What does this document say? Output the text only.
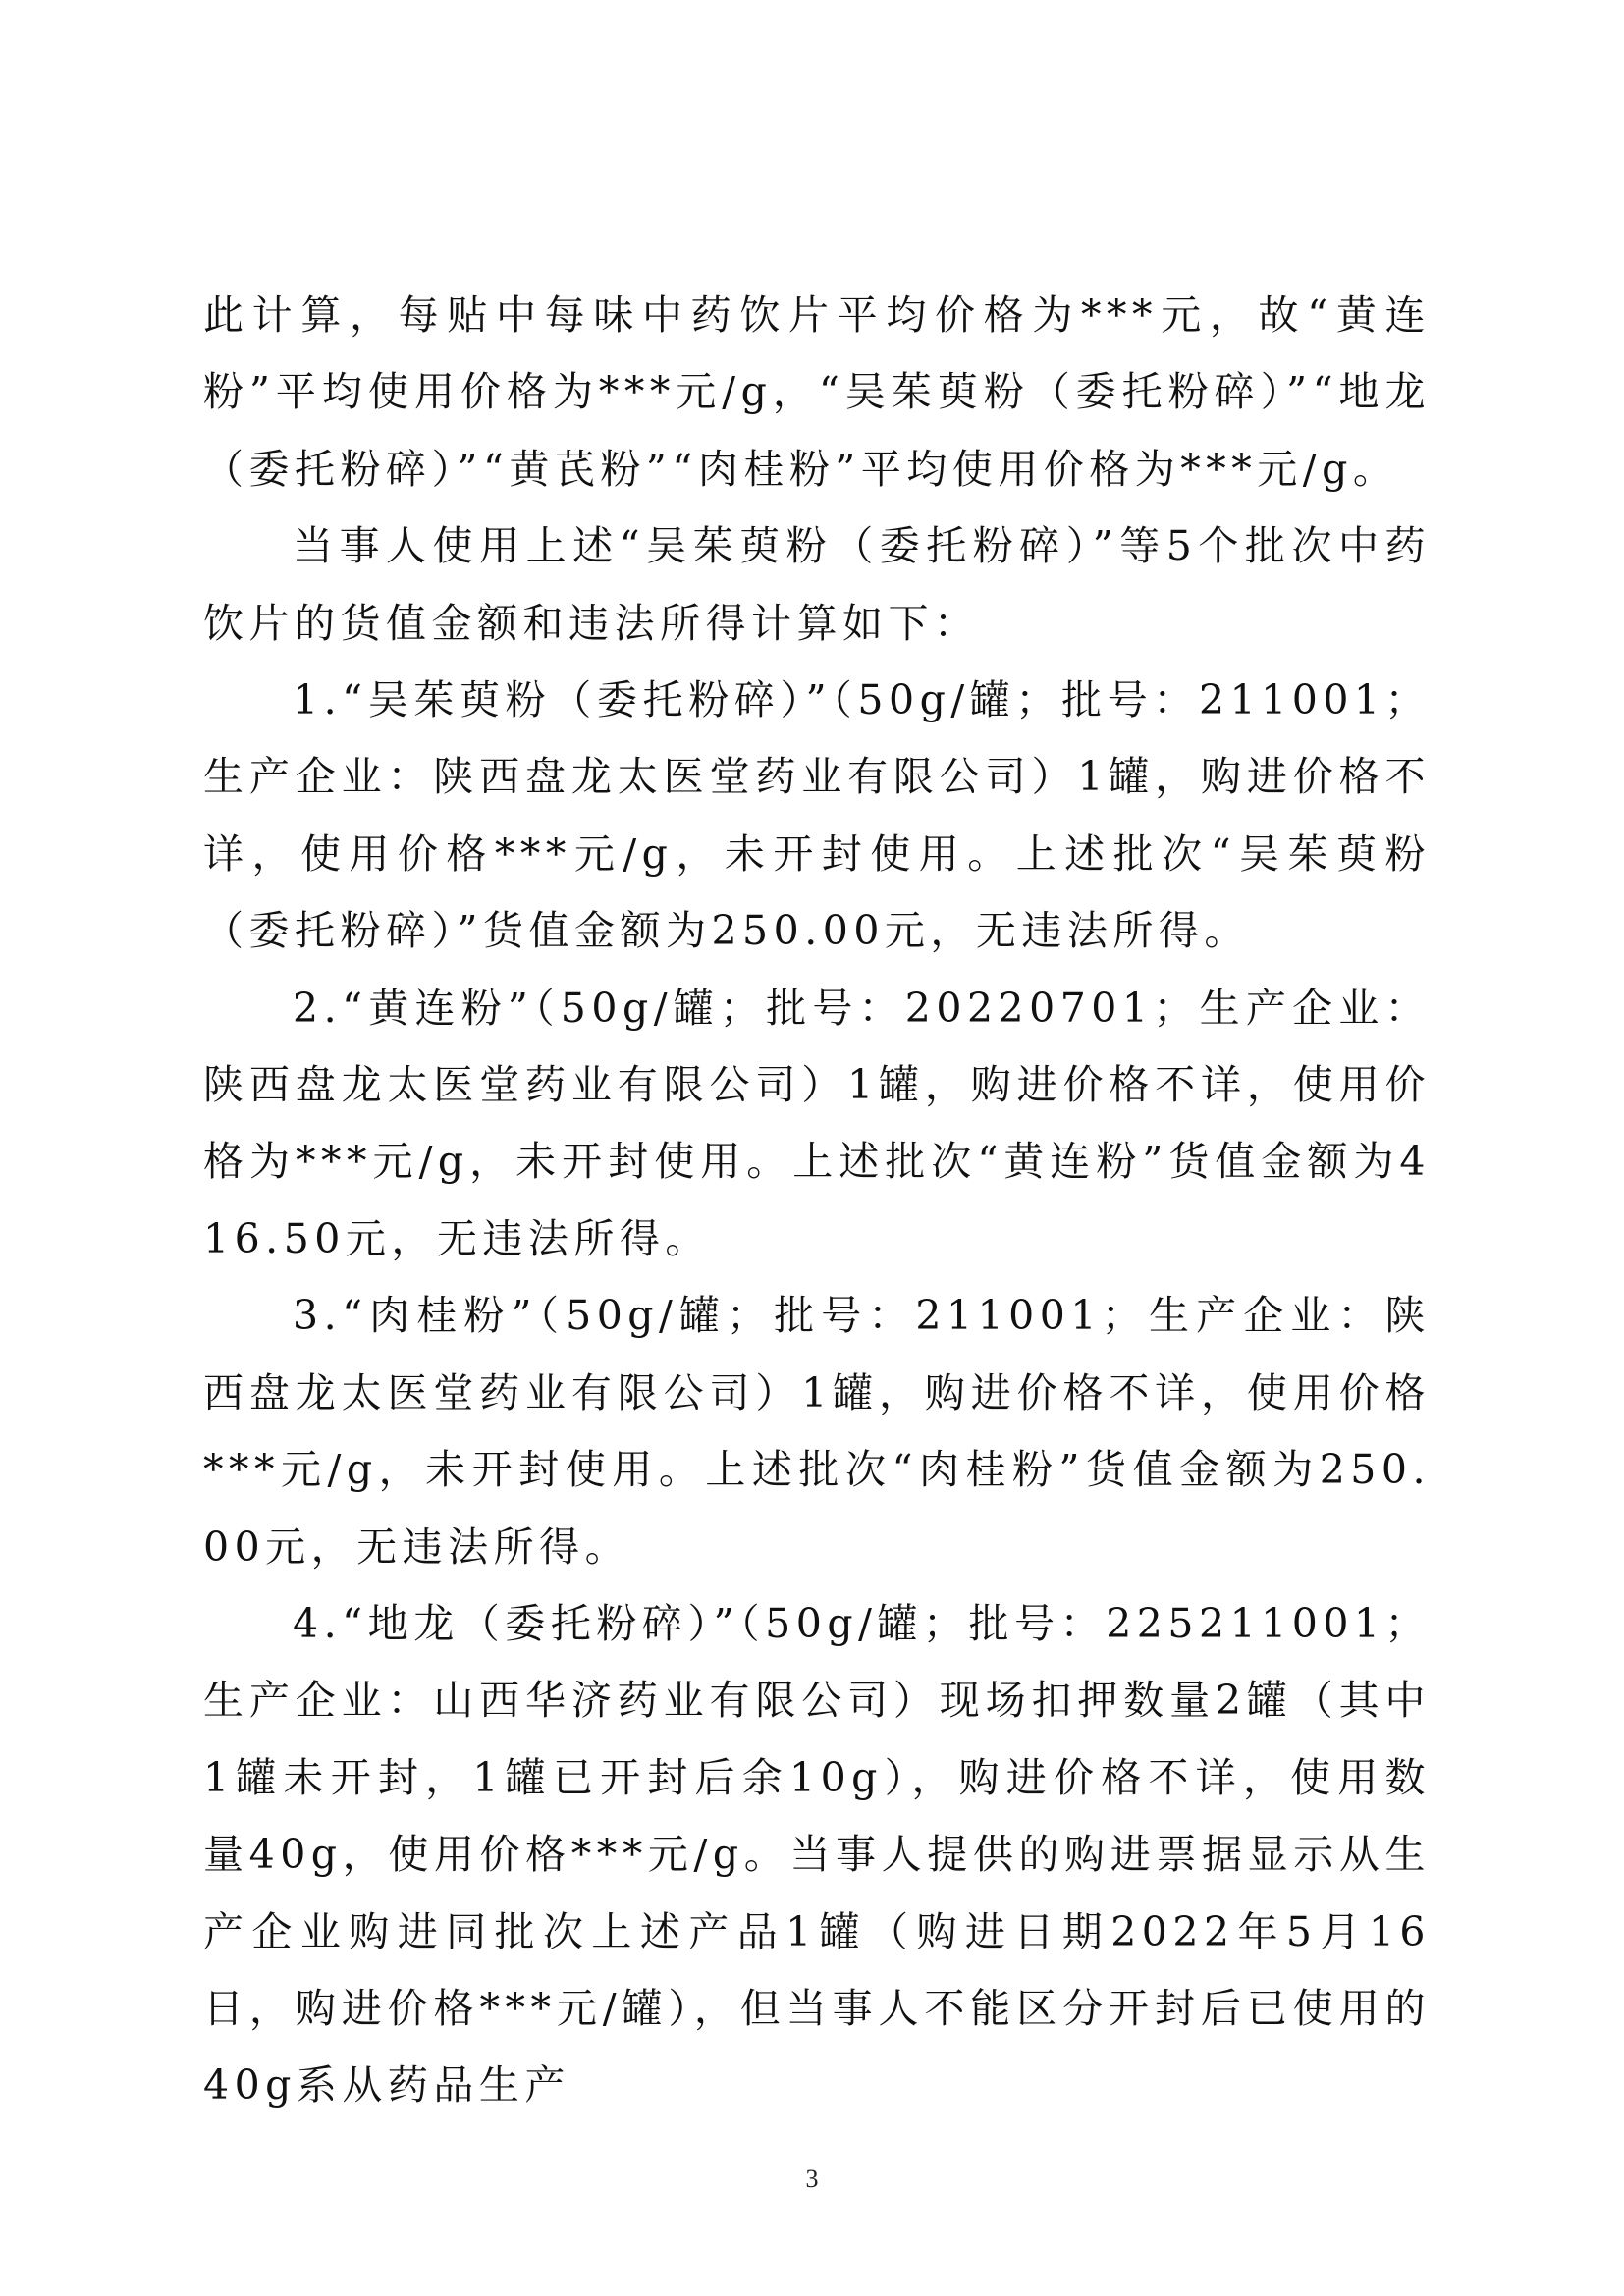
此计算，每贴中每味中药饮片平均价格为***元，故“黄连粉”平均使用价格为***元/g，“吴茱萸粉（委托粉碎）”“地龙（委托粉碎）”“黄芪粉”“肉桂粉”平均使用价格为***元/g。

当事人使用上述“吴茱萸粉（委托粉碎）”等5个批次中药饮片的货值金额和违法所得计算如下：

1.“吴茱萸粉（委托粉碎）”（50g/罐；批号：211001；生产企业：陕西盘龙太医堂药业有限公司）1罐，购进价格不详，使用价格***元/g，未开封使用。上述批次“吴茱萸粉（委托粉碎）”货值金额为250.00元，无违法所得。

2.“黄连粉”（50g/罐；批号：20220701；生产企业：陕西盘龙太医堂药业有限公司）1罐，购进价格不详，使用价格为***元/g，未开封使用。上述批次“黄连粉”货值金额为416.50元，无违法所得。

3.“肉桂粉”（50g/罐；批号：211001；生产企业：陕西盘龙太医堂药业有限公司）1罐，购进价格不详，使用价格***元/g，未开封使用。上述批次“肉桂粉”货值金额为250.00元，无违法所得。

4.“地龙（委托粉碎）”（50g/罐；批号：225211001；生产企业：山西华济药业有限公司）现场扣押数量2罐（其中1罐未开封，1罐已开封后余10g），购进价格不详，使用数量40g，使用价格***元/g。当事人提供的购进票据显示从生产企业购进同批次上述产品1罐（购进日期2022年5月16日，购进价格***元/罐），但当事人不能区分开封后已使用的40g系从药品生产

3
